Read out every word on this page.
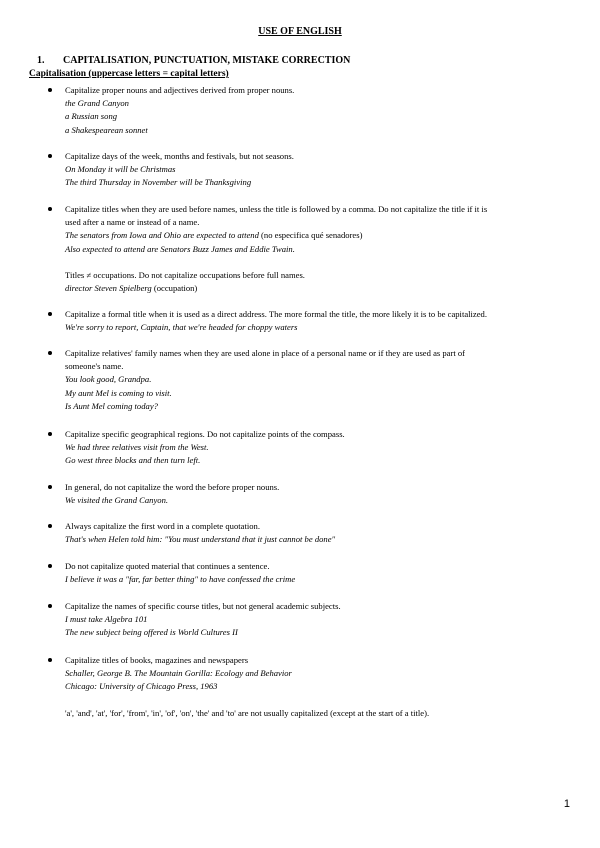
USE OF ENGLISH
1. CAPITALISATION, PUNCTUATION, MISTAKE CORRECTION
Capitalisation (uppercase letters = capital letters)
Capitalize proper nouns and adjectives derived from proper nouns.
the Grand Canyon
a Russian song
a Shakespearean sonnet
Capitalize days of the week, months and festivals, but not seasons.
On Monday it will be Christmas
The third Thursday in November will be Thanksgiving
Capitalize titles when they are used before names, unless the title is followed by a comma. Do not capitalize the title if it is
used after a name or instead of a name.
The senators from Iowa and Ohio are expected to attend (no especifica qué senadores)
Also expected to attend are Senators Buzz James and Eddie Twain.
Titles ≠ occupations. Do not capitalize occupations before full names.
director Steven Spielberg (occupation)
Capitalize a formal title when it is used as a direct address. The more formal the title, the more likely it is to be capitalized.
We're sorry to report, Captain, that we're headed for choppy waters
Capitalize relatives' family names when they are used alone in place of a personal name or if they are used as part of
someone's name.
You look good, Grandpa.
My aunt Mel is coming to visit.
Is Aunt Mel coming today?
Capitalize specific geographical regions. Do not capitalize points of the compass.
We had three relatives visit from the West.
Go west three blocks and then turn left.
In general, do not capitalize the word the before proper nouns.
We visited the Grand Canyon.
Always capitalize the first word in a complete quotation.
That's when Helen told him: "You must understand that it just cannot be done"
Do not capitalize quoted material that continues a sentence.
I believe it was a "far, far better thing" to have confessed the crime
Capitalize the names of specific course titles, but not general academic subjects.
I must take Algebra 101
The new subject being offered is World Cultures II
Capitalize titles of books, magazines and newspapers
Schaller, George B. The Mountain Gorilla: Ecology and Behavior
Chicago: University of Chicago Press, 1963
'a', 'and', 'at', 'for', 'from', 'in', 'of', 'on', 'the' and 'to' are not usually capitalized (except at the start of a title).
1
